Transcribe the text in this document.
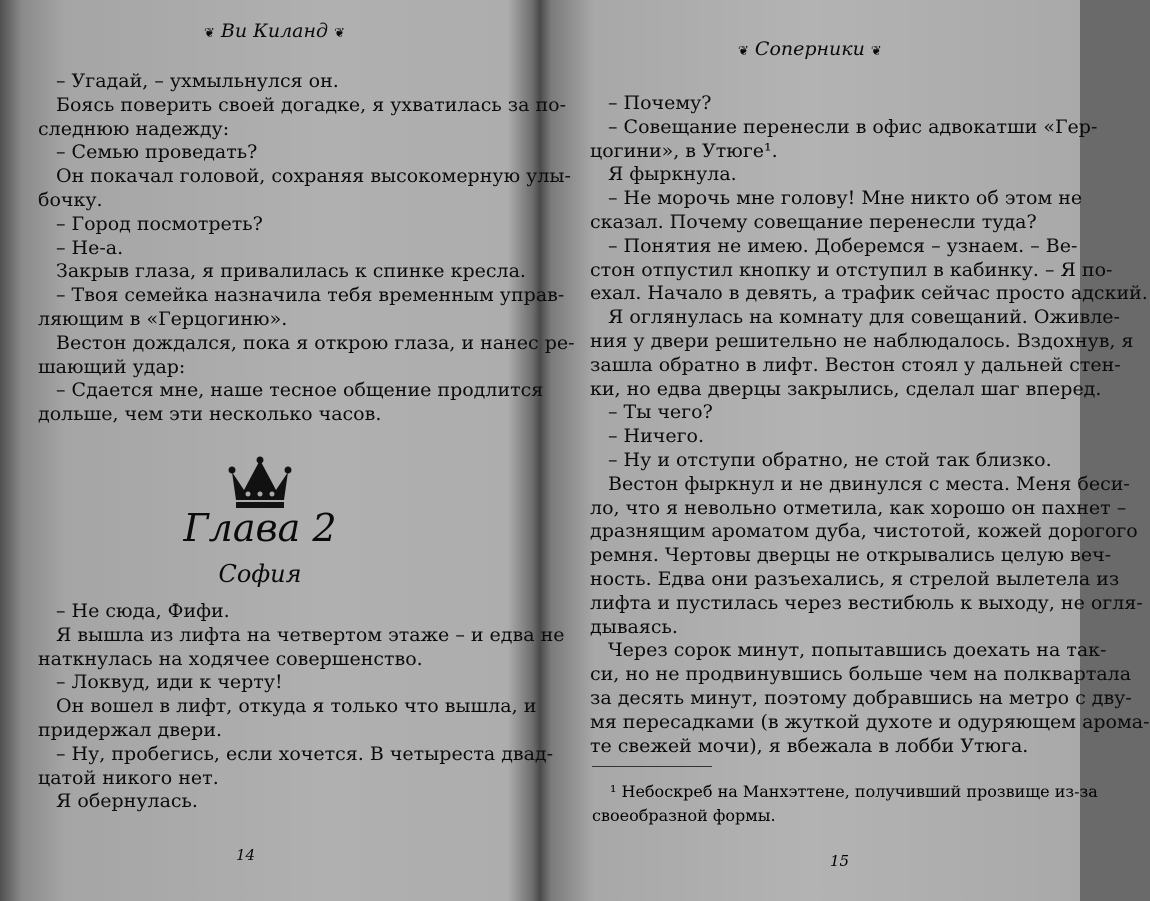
❦ Ви Киланд ❦
– Угадай, – ухмыльнулся он.
Боясь поверить своей догадке, я ухватилась за по-
следнюю надежду:
– Семью проведать?
Он покачал головой, сохраняя высокомерную улы-
бочку.
– Город посмотреть?
– Не-а.
Закрыв глаза, я привалилась к спинке кресла.
– Твоя семейка назначила тебя временным управ-
ляющим в «Герцогиню».
Вестон дождался, пока я открою глаза, и нанес ре-
шающий удар:
– Сдается мне, наше тесное общение продлится
дольше, чем эти несколько часов.
Глава 2
София
– Не сюда, Фифи.
Я вышла из лифта на четвертом этаже – и едва не
наткнулась на ходячее совершенство.
– Локвуд, иди к черту!
Он вошел в лифт, откуда я только что вышла, и
придержал двери.
– Ну, пробегись, если хочется. В четыреста двад-
цатой никого нет.
Я обернулась.
14
❦ Соперники ❦
– Почему?
– Совещание перенесли в офис адвокатши «Гер-
цогини», в Утюге¹.
Я фыркнула.
– Не морочь мне голову! Мне никто об этом не
сказал. Почему совещание перенесли туда?
– Понятия не имею. Доберемся – узнаем. – Ве-
стон отпустил кнопку и отступил в кабинку. – Я по-
ехал. Начало в девять, а трафик сейчас просто адский.
Я оглянулась на комнату для совещаний. Оживле-
ния у двери решительно не наблюдалось. Вздохнув, я
зашла обратно в лифт. Вестон стоял у дальней стен-
ки, но едва дверцы закрылись, сделал шаг вперед.
– Ты чего?
– Ничего.
– Ну и отступи обратно, не стой так близко.
Вестон фыркнул и не двинулся с места. Меня беси-
ло, что я невольно отметила, как хорошо он пахнет –
дразнящим ароматом дуба, чистотой, кожей дорогого
ремня. Чертовы дверцы не открывались целую веч-
ность. Едва они разъехались, я стрелой вылетела из
лифта и пустилась через вестибюль к выходу, не огля-
дываясь.
Через сорок минут, попытавшись доехать на так-
си, но не продвинувшись больше чем на полквартала
за десять минут, поэтому добравшись на метро с дву-
мя пересадками (в жуткой духоте и одуряющем арома-
те свежей мочи), я вбежала в лобби Утюга.
¹ Небоскреб на Манхэттене, получивший прозвище из-за
своеобразной формы.
15
